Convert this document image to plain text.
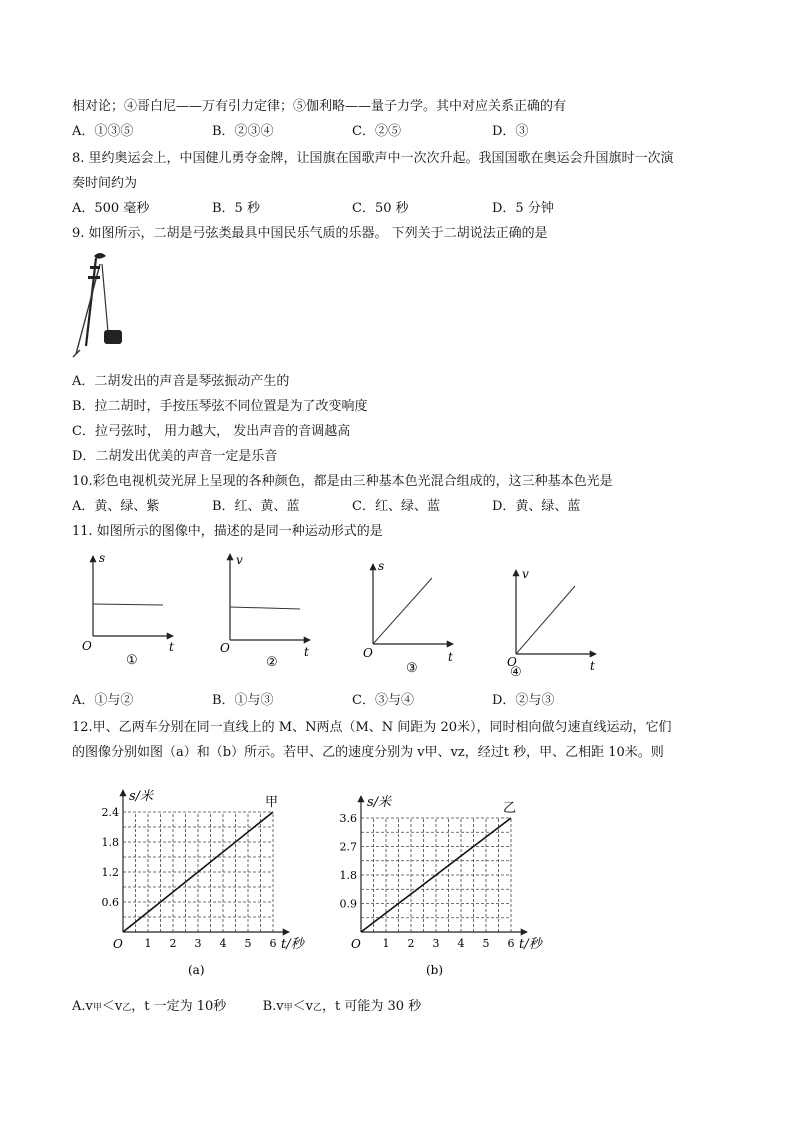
相对论；④哥白尼——万有引力定律；⑤伽利略——量子力学。其中对应关系正确的有
A．①③⑤	B．②③④	C．②⑤	D．③
8. 里约奥运会上，中国健儿勇夺金牌，让国旗在国歌声中一次次升起。我国国歌在奥运会升国旗时一次演
奏时间约为
A．500 毫秒	B．5 秒	C．50 秒	D．5 分钟
9. 如图所示，二胡是弓弦类最具中国民乐气质的乐器。 下列关于二胡说法正确的是
A．二胡发出的声音是琴弦振动产生的
B．拉二胡时，手按压琴弦不同位置是为了改变响度
C．拉弓弦时， 用力越大， 发出声音的音调越高
D．二胡发出优美的声音一定是乐音
10.彩色电视机荧光屏上呈现的各种颜色，都是由三种基本色光混合组成的，这三种基本色光是
A．黄、绿、紫	B．红、黄、蓝	C．红、绿、蓝	D．黄、绿、蓝
11. 如图所示的图像中，描述的是同一种运动形式的是
s
t
O
①
v
t
O
②
s
t
O
③
v
t
O
④
A．①与②	B．①与③	C．③与④	D．②与③
12.甲、乙两车分别在同一直线上的 M、N两点（M、N 间距为 20米），同时相向做匀速直线运动，它们
的图像分别如图（a）和（b）所示。若甲、乙的速度分别为 v甲、vz，经过t 秒，甲、乙相距 10米。则
s/米
0.6
1.2
1.8
2.4
1 2 3 4 5 6
O	t/秒
甲
(a)
s/米
0.9
1.8
2.7
3.6
1 2 3 4 5 6
O	t/秒
乙
(b)
A.v甲＜v乙，t 一定为 10秒	B.v甲＜v乙，t 可能为 30 秒
